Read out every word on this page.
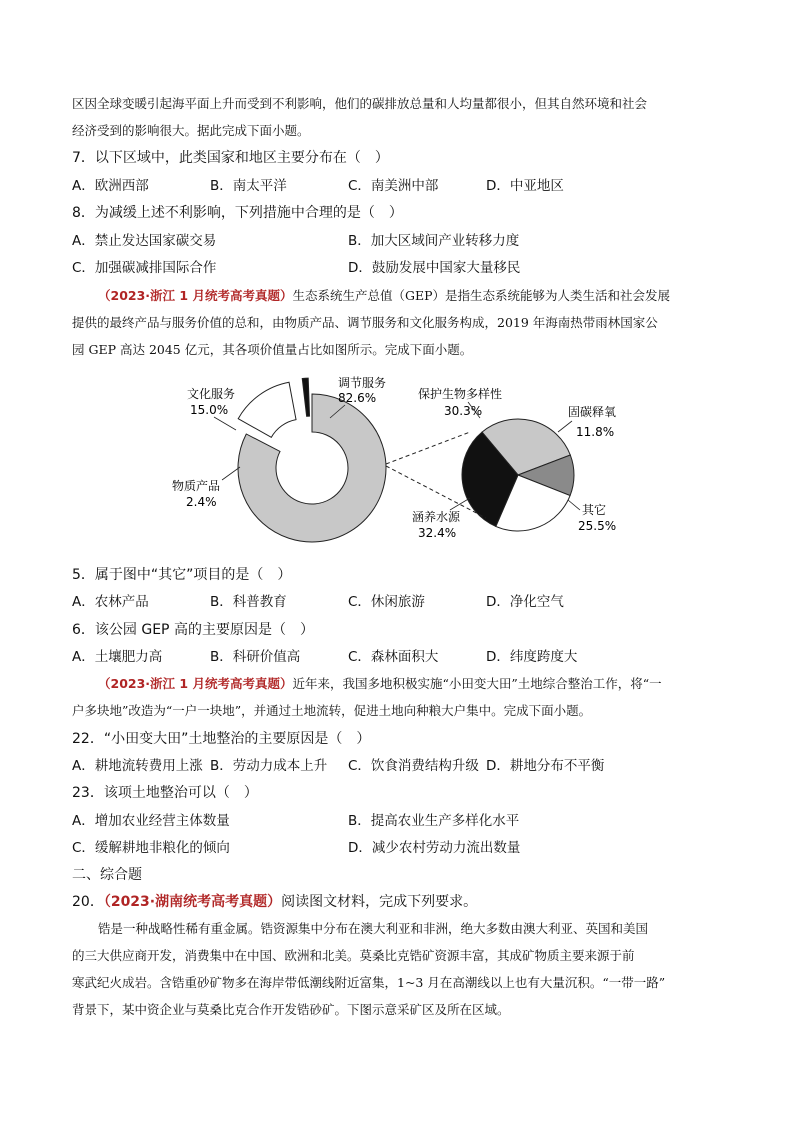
区因全球变暖引起海平面上升而受到不利影响，他们的碳排放总量和人均量都很小，但其自然环境和社会
经济受到的影响很大。据此完成下面小题。
7．以下区域中，此类国家和地区主要分布在（　）
A．欧洲西部	B．南太平洋	C．南美洲中部	D．中亚地区
8．为减缓上述不利影响，下列措施中合理的是（　）
A．禁止发达国家碳交易	B．加大区域间产业转移力度
C．加强碳减排国际合作	D．鼓励发展中国家大量移民
（2023·浙江 1 月统考高考真题）生态系统生产总值（GEP）是指生态系统能够为人类生活和社会发展
提供的最终产品与服务价值的总和，由物质产品、调节服务和文化服务构成，2019 年海南热带雨林国家公
园 GEP 高达 2045 亿元，其各项价值量占比如图所示。完成下面小题。
调节服务
82.6%
文化服务
15.0%
物质产品
2.4%
保护生物多样性
30.3%	固碳释氧
11.8%
其它
25.5%
涵养水源
32.4%
5．属于图中“其它”项目的是（　）
A．农林产品	B．科普教育	C．休闲旅游	D．净化空气
6．该公园 GEP 高的主要原因是（　）
A．土壤肥力高	B．科研价值高	C．森林面积大	D．纬度跨度大
（2023·浙江 1 月统考高考真题）近年来，我国多地积极实施“小田变大田”土地综合整治工作，将“一
户多块地”改造为“一户一块地”，并通过土地流转，促进土地向种粮大户集中。完成下面小题。
22．“小田变大田”土地整治的主要原因是（　）
A．耕地流转费用上涨 B．劳动力成本上升 C．饮食消费结构升级 D．耕地分布不平衡
23．该项土地整治可以（　）
A．增加农业经营主体数量	B．提高农业生产多样化水平
C．缓解耕地非粮化的倾向	D．减少农村劳动力流出数量
二、综合题
20．（2023·湖南统考高考真题）阅读图文材料，完成下列要求。
锆是一种战略性稀有重金属。锆资源集中分布在澳大利亚和非洲，绝大多数由澳大利亚、英国和美国
的三大供应商开发，消费集中在中国、欧洲和北美。莫桑比克锆矿资源丰富，其成矿物质主要来源于前
寒武纪火成岩。含锆重砂矿物多在海岸带低潮线附近富集，1~3 月在高潮线以上也有大量沉积。“一带一路”
背景下，某中资企业与莫桑比克合作开发锆砂矿。下图示意采矿区及所在区域。
